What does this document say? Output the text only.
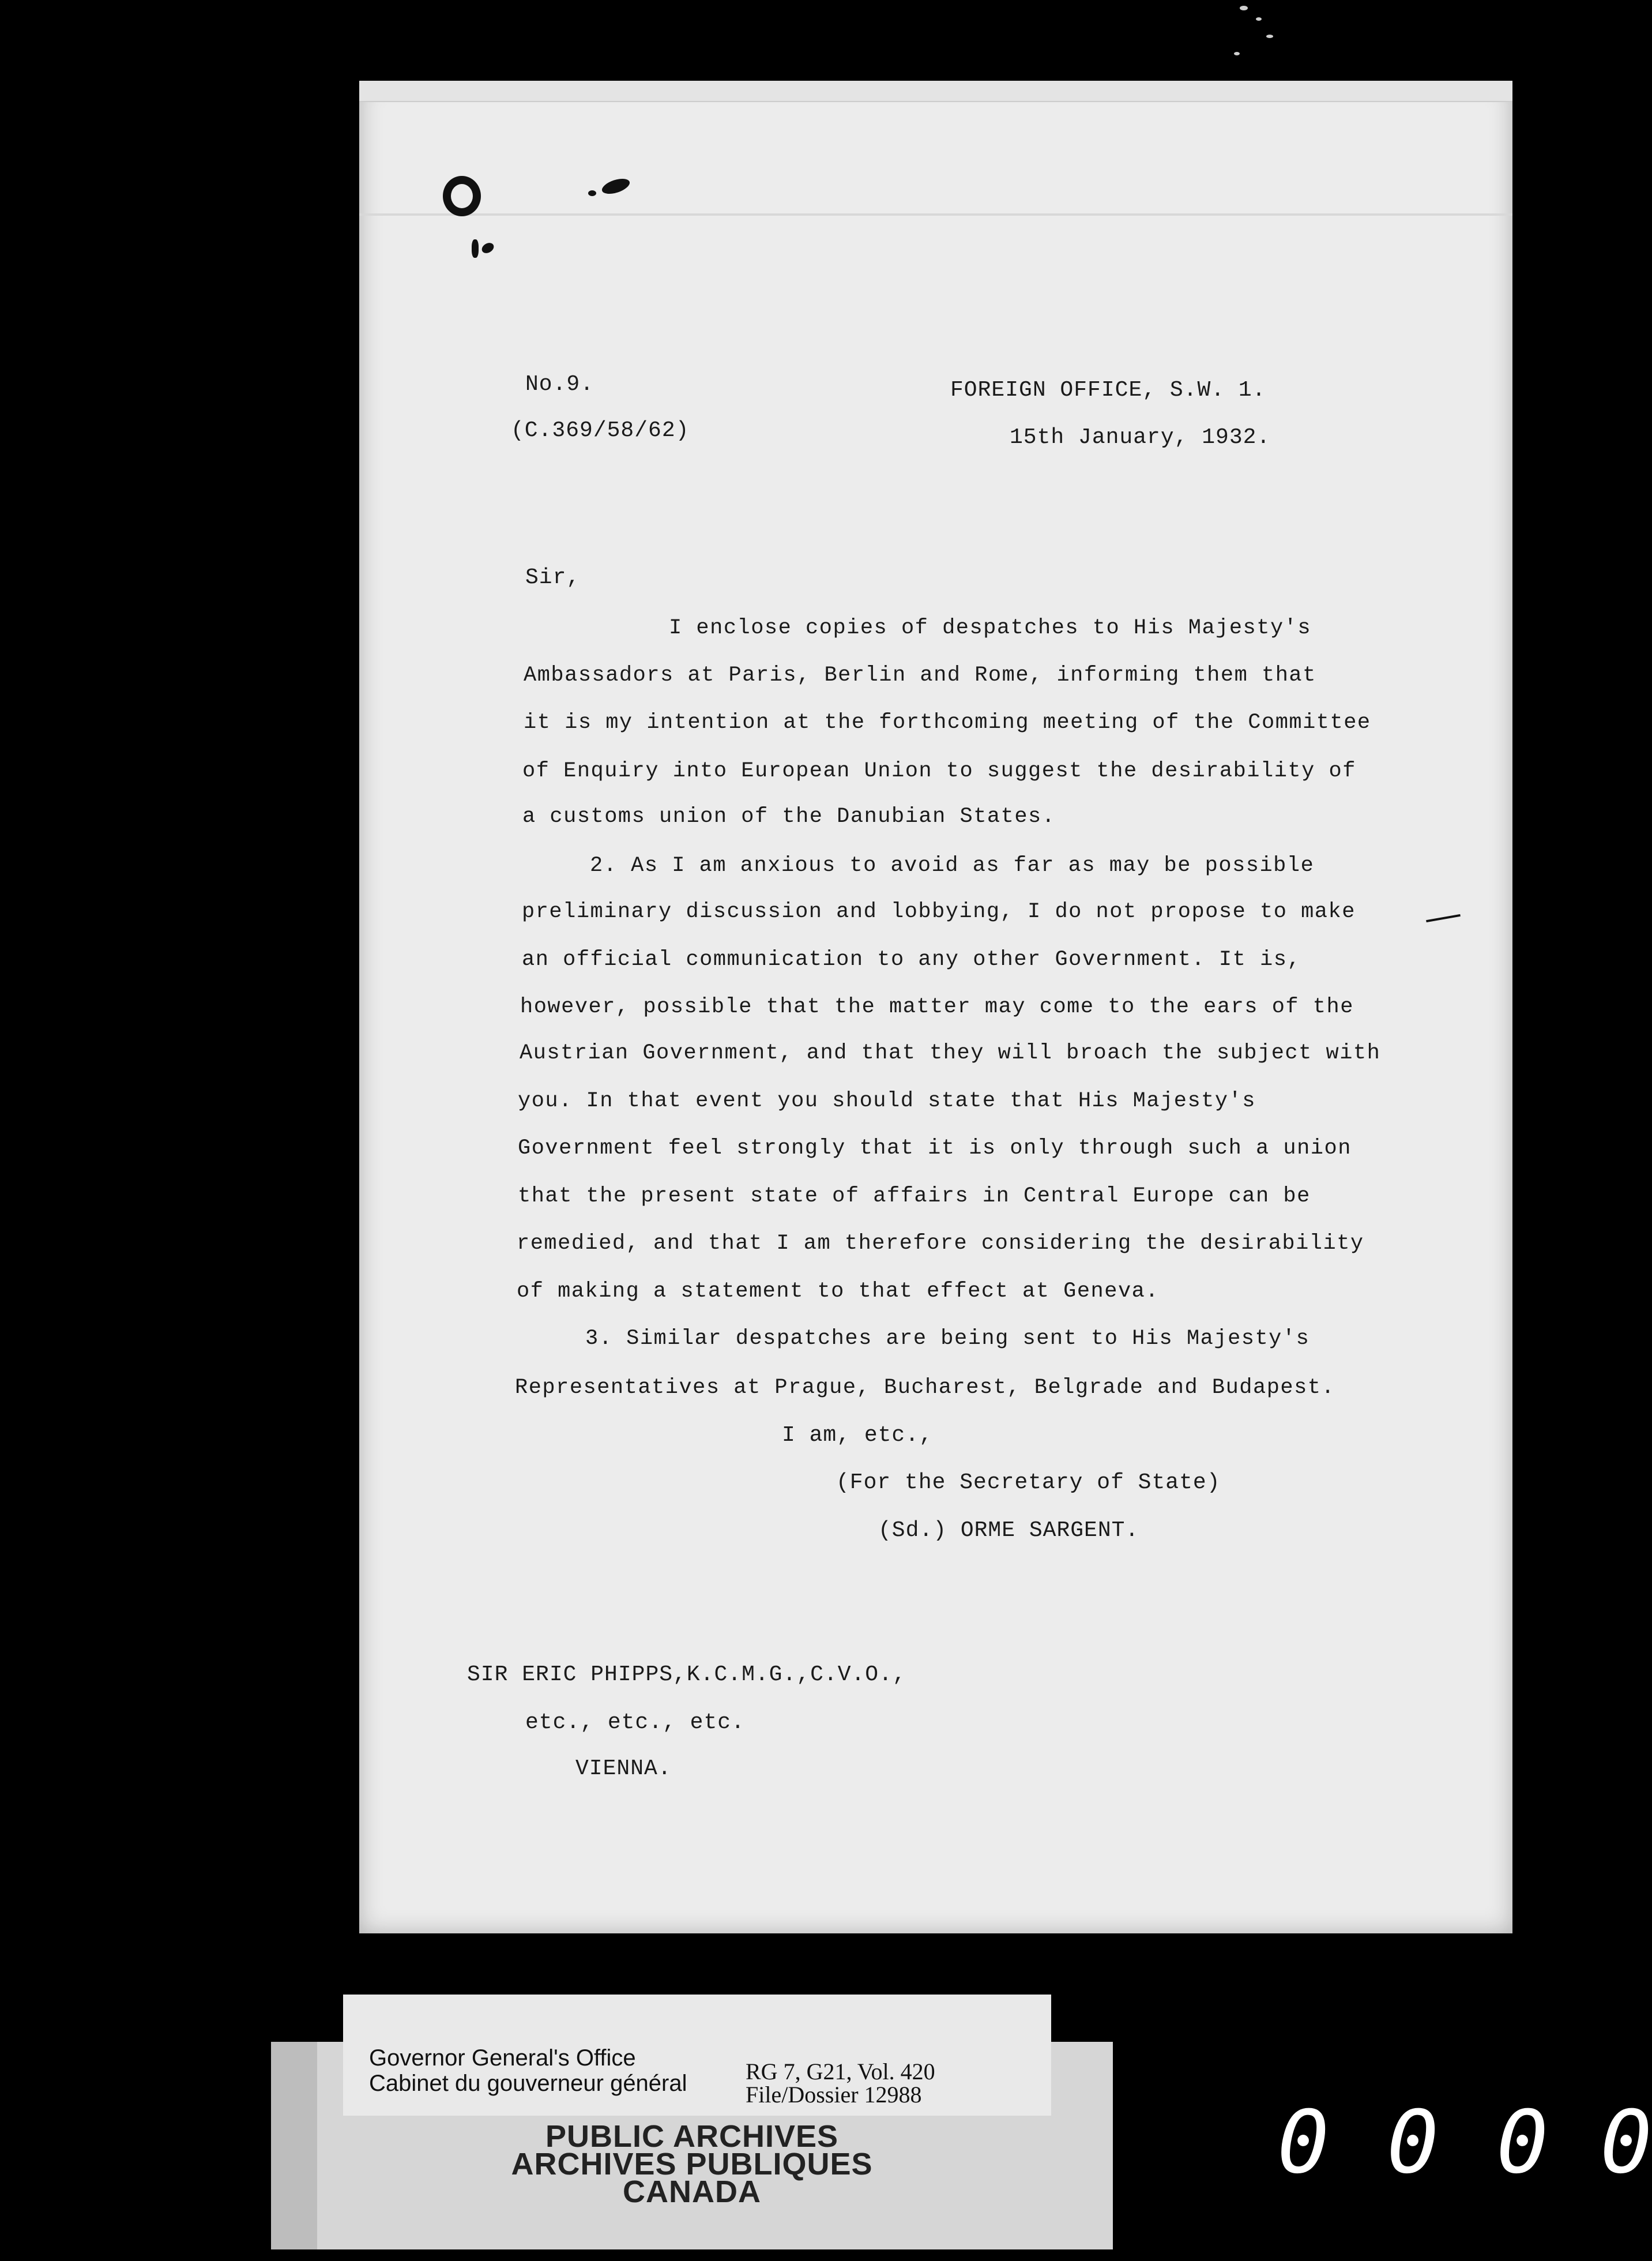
No.9.
(C.369/58/62)
FOREIGN OFFICE, S.W. 1.
15th January, 1932.
Sir,
I enclose copies of despatches to His Majesty's
Ambassadors at Paris, Berlin and Rome, informing them that
it is my intention at the forthcoming meeting of the Committee
of Enquiry into European Union to suggest the desirability of
a customs union of the Danubian States.
2. As I am anxious to avoid as far as may be possible
preliminary discussion and lobbying, I do not propose to make
an official communication to any other Government. It is,
however, possible that the matter may come to the ears of the
Austrian Government, and that they will broach the subject with
you. In that event you should state that His Majesty's
Government feel strongly that it is only through such a union
that the present state of affairs in Central Europe can be
remedied, and that I am therefore considering the desirability
of making a statement to that effect at Geneva.
3. Similar despatches are being sent to His Majesty's
Representatives at Prague, Bucharest, Belgrade and Budapest.
I am, etc.,
(For the Secretary of State)
(Sd.) ORME SARGENT.
SIR ERIC PHIPPS,K.C.M.G.,C.V.O.,
etc., etc., etc.
VIENNA.
Governor General's Office
Cabinet du gouverneur général	RG 7, G21, Vol. 420
File/Dossier 12988
PUBLIC ARCHIVES
ARCHIVES PUBLIQUES
CANADA	0 0 0 0
